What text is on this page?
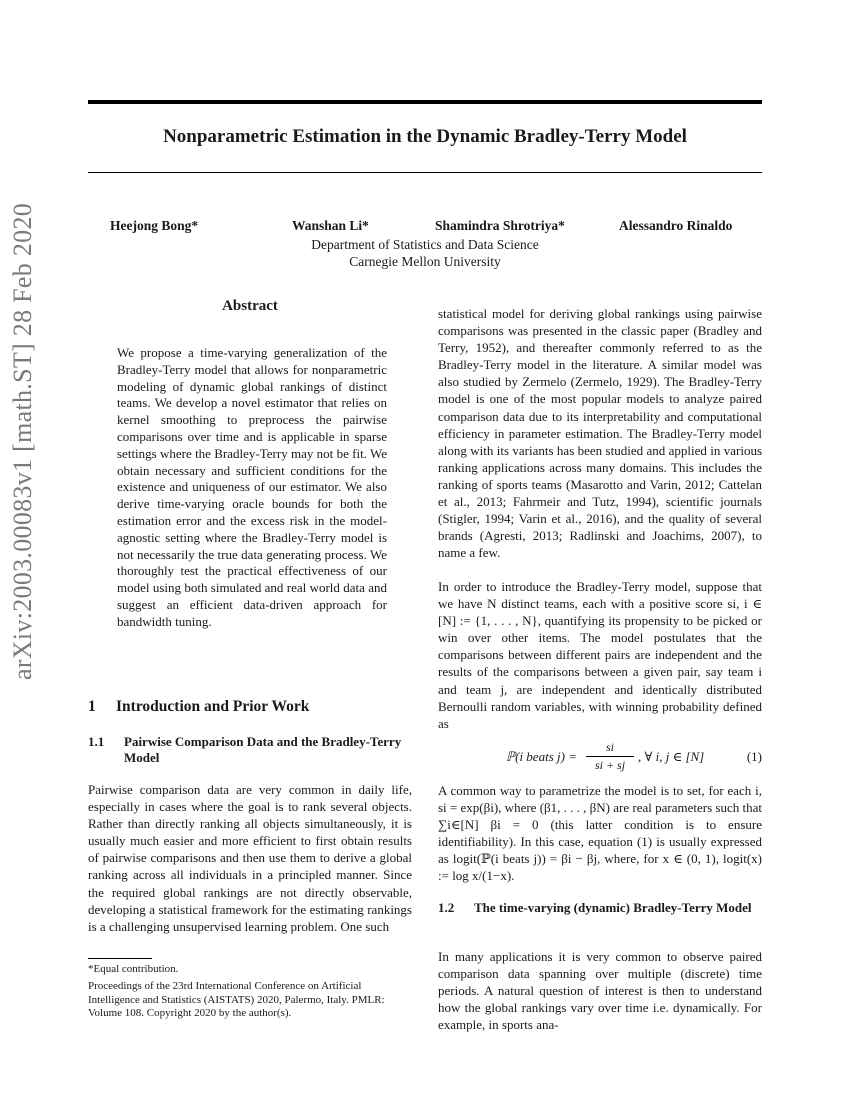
Nonparametric Estimation in the Dynamic Bradley-Terry Model
Heejong Bong*	Wanshan Li*	Shamindra Shrotriya*	Alessandro Rinaldo
Department of Statistics and Data Science
Carnegie Mellon University
arXiv:2003.00083v1 [math.ST] 28 Feb 2020	Abstract
We propose a time-varying generalization of the Bradley-Terry model that allows for nonparametric modeling of dynamic global rankings of distinct teams. We develop a novel estimator that relies on kernel smoothing to preprocess the pairwise comparisons over time and is applicable in sparse settings where the Bradley-Terry may not be fit. We obtain necessary and sufficient conditions for the existence and uniqueness of our estimator. We also derive time-varying oracle bounds for both the estimation error and the excess risk in the model-agnostic setting where the Bradley-Terry model is not necessarily the true data generating process. We thoroughly test the practical effectiveness of our model using both simulated and real world data and suggest an efficient data-driven approach for bandwidth tuning.
1 Introduction and Prior Work
1.1 Pairwise Comparison Data and the Bradley-Terry Model

Pairwise comparison data are very common in daily life, especially in cases where the goal is to rank several objects. Rather than directly ranking all objects simultaneously, it is usually much easier and more efficient to first obtain results of pairwise comparisons and then use them to derive a global ranking across all individuals in a principled manner. Since the required global rankings are not directly observable, developing a statistical framework for the estimating rankings is a challenging unsupervised learning problem. One such

*Equal contribution.
Proceedings of the 23rd International Conference on Artificial Intelligence and Statistics (AISTATS) 2020, Palermo, Italy. PMLR: Volume 108. Copyright 2020 by the author(s).

statistical model for deriving global rankings using pairwise comparisons was presented in the classic paper (Bradley and Terry, 1952), and thereafter commonly referred to as the Bradley-Terry model in the literature. A similar model was also studied by Zermelo (Zermelo, 1929). The Bradley-Terry model is one of the most popular models to analyze paired comparison data due to its interpretability and computational efficiency in parameter estimation. The Bradley-Terry model along with its variants has been studied and applied in various ranking applications across many domains. This includes the ranking of sports teams (Masarotto and Varin, 2012; Cattelan et al., 2013; Fahrmeir and Tutz, 1994), scientific journals (Stigler, 1994; Varin et al., 2016), and the quality of several brands (Agresti, 2013; Radlinski and Joachims, 2007), to name a few.

In order to introduce the Bradley-Terry model, suppose that we have N distinct teams, each with a positive score si, i ∈ [N] := {1, . . . , N}, quantifying its propensity to be picked or win over other items. The model postulates that the comparisons between different pairs are independent and the results of the comparisons between a given pair, say team i and team j, are independent and identically distributed Bernoulli random variables, with winning probability defined as

ℙ(i beats j) =
si
si + sj
, ∀ i, j ∈ [N]	(1)

A common way to parametrize the model is to set, for each i, si = exp(βi), where (β1, . . . , βN) are real parameters such that ∑i∈[N] βi = 0 (this latter condition is to ensure identifiability). In this case, equation (1) is usually expressed as logit(ℙ(i beats j)) = βi − βj, where, for x ∈ (0, 1), logit(x) := log x/(1−x).

1.2 The time-varying (dynamic) Bradley-Terry Model

In many applications it is very common to observe paired comparison data spanning over multiple (discrete) time periods. A natural question of interest is then to understand how the global rankings vary over time i.e. dynamically. For example, in sports ana-
